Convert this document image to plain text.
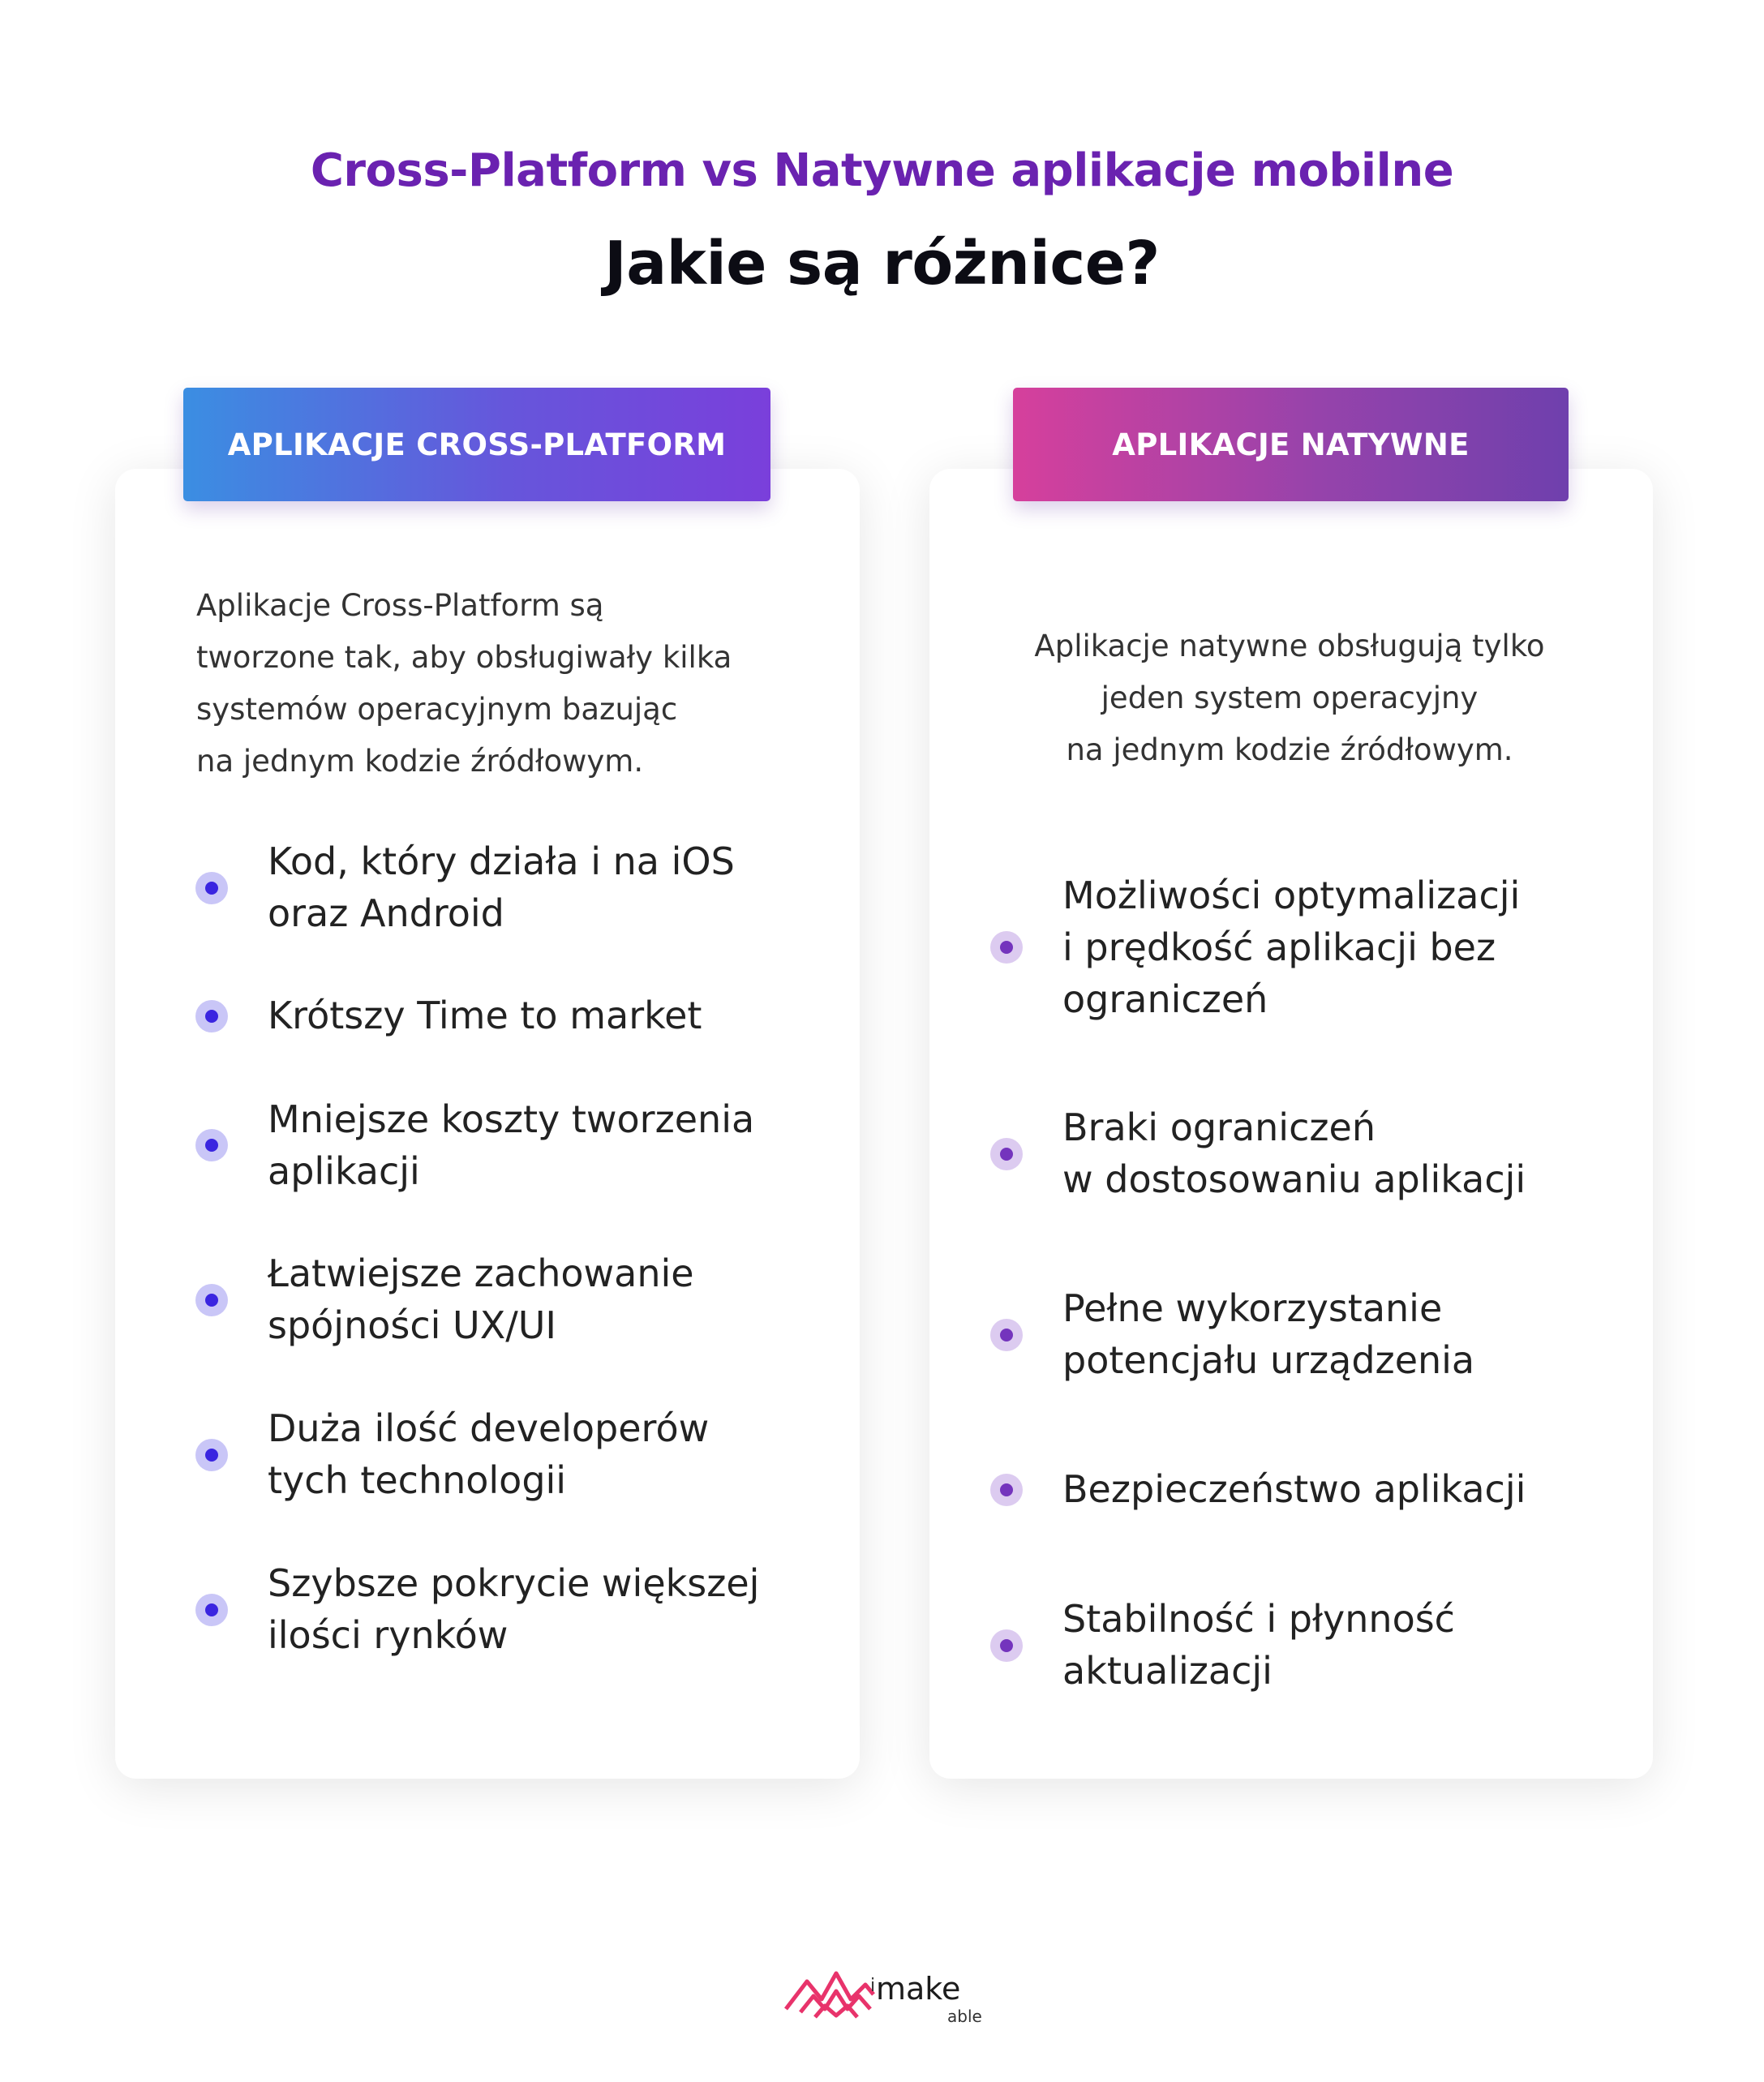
Cross-Platform vs Natywne aplikacje mobilne
Jakie są różnice?
APLIKACJE CROSS-PLATFORM	APLIKACJE NATYWNE
Aplikacje Cross-Platform są
tworzone tak, aby obsługiwały kilka
systemów operacyjnym bazując
na jednym kodzie źródłowym.
Aplikacje natywne obsługują tylko
jeden system operacyjny
na jednym kodzie źródłowym.
Kod, który działa i na iOS
oraz Android
Krótszy Time to market
Mniejsze koszty tworzenia
aplikacji
Łatwiejsze zachowanie
spójności UX/UI
Duża ilość developerów
tych technologii
Szybsze pokrycie większej
ilości rynków
Możliwości optymalizacji
i prędkość aplikacji bez
ograniczeń
Braki ograniczeń
w dostosowaniu aplikacji
Pełne wykorzystanie
potencjału urządzenia
Bezpieczeństwo aplikacji
Stabilność i płynność
aktualizacji
i make
able
